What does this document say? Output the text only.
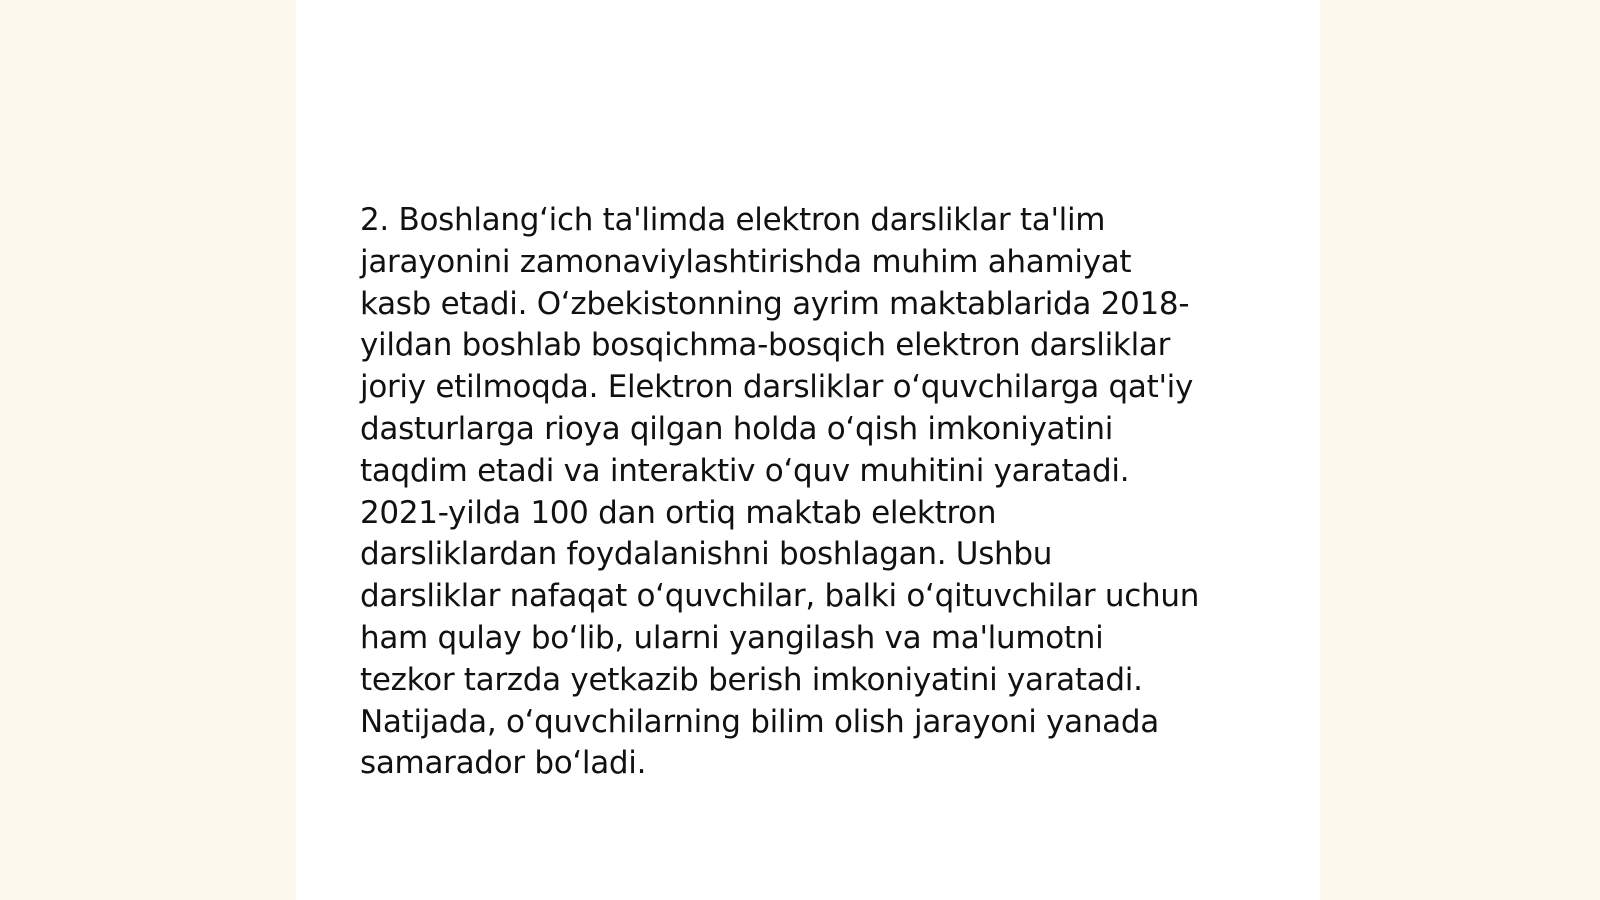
2. Boshlang‘ich ta'limda elektron darsliklar ta'lim
jarayonini zamonaviylashtirishda muhim ahamiyat
kasb etadi. O‘zbekistonning ayrim maktablarida 2018-
yildan boshlab bosqichma-bosqich elektron darsliklar
joriy etilmoqda. Elektron darsliklar o‘quvchilarga qat'iy
dasturlarga rioya qilgan holda o‘qish imkoniyatini
taqdim etadi va interaktiv o‘quv muhitini yaratadi.
2021-yilda 100 dan ortiq maktab elektron
darsliklardan foydalanishni boshlagan. Ushbu
darsliklar nafaqat o‘quvchilar, balki o‘qituvchilar uchun
ham qulay bo‘lib, ularni yangilash va ma'lumotni
tezkor tarzda yetkazib berish imkoniyatini yaratadi.
Natijada, o‘quvchilarning bilim olish jarayoni yanada
samarador bo‘ladi.
